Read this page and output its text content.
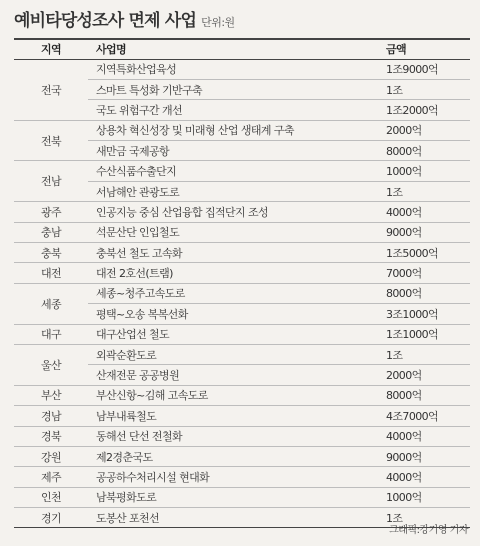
예비타당성조사 면제 사업 단위:원
지역	사업명	금액
전국	지역특화산업육성	1조9000억
	스마트 특성화 기반구축	1조
	국도 위험구간 개선	1조2000억
전북	상용차 혁신성장 및 미래형 산업 생태계 구축	2000억
	새만금 국제공항	8000억
전남	수산식품수출단지	1000억
	서남해안 관광도로	1조
광주	인공지능 중심 산업융합 집적단지 조성	4000억
충남	석문산단 인입철도	9000억
충북	충북선 철도 고속화	1조5000억
대전	대전 2호선(트램)	7000억
세종	세종~청주고속도로	8000억
	평택~오송 복복선화	3조1000억
대구	대구산업선 철도	1조1000억
울산	외곽순환도로	1조
	산재전문 공공병원	2000억
부산	부산신항~김해 고속도로	8000억
경남	남부내륙철도	4조7000억
경북	동해선 단선 전철화	4000억
강원	제2경춘국도	9000억
제주	공공하수처리시설 현대화	4000억
인천	남북평화도로	1000억
경기	도봉산 포천선	1조
그래픽:강기영 기자
